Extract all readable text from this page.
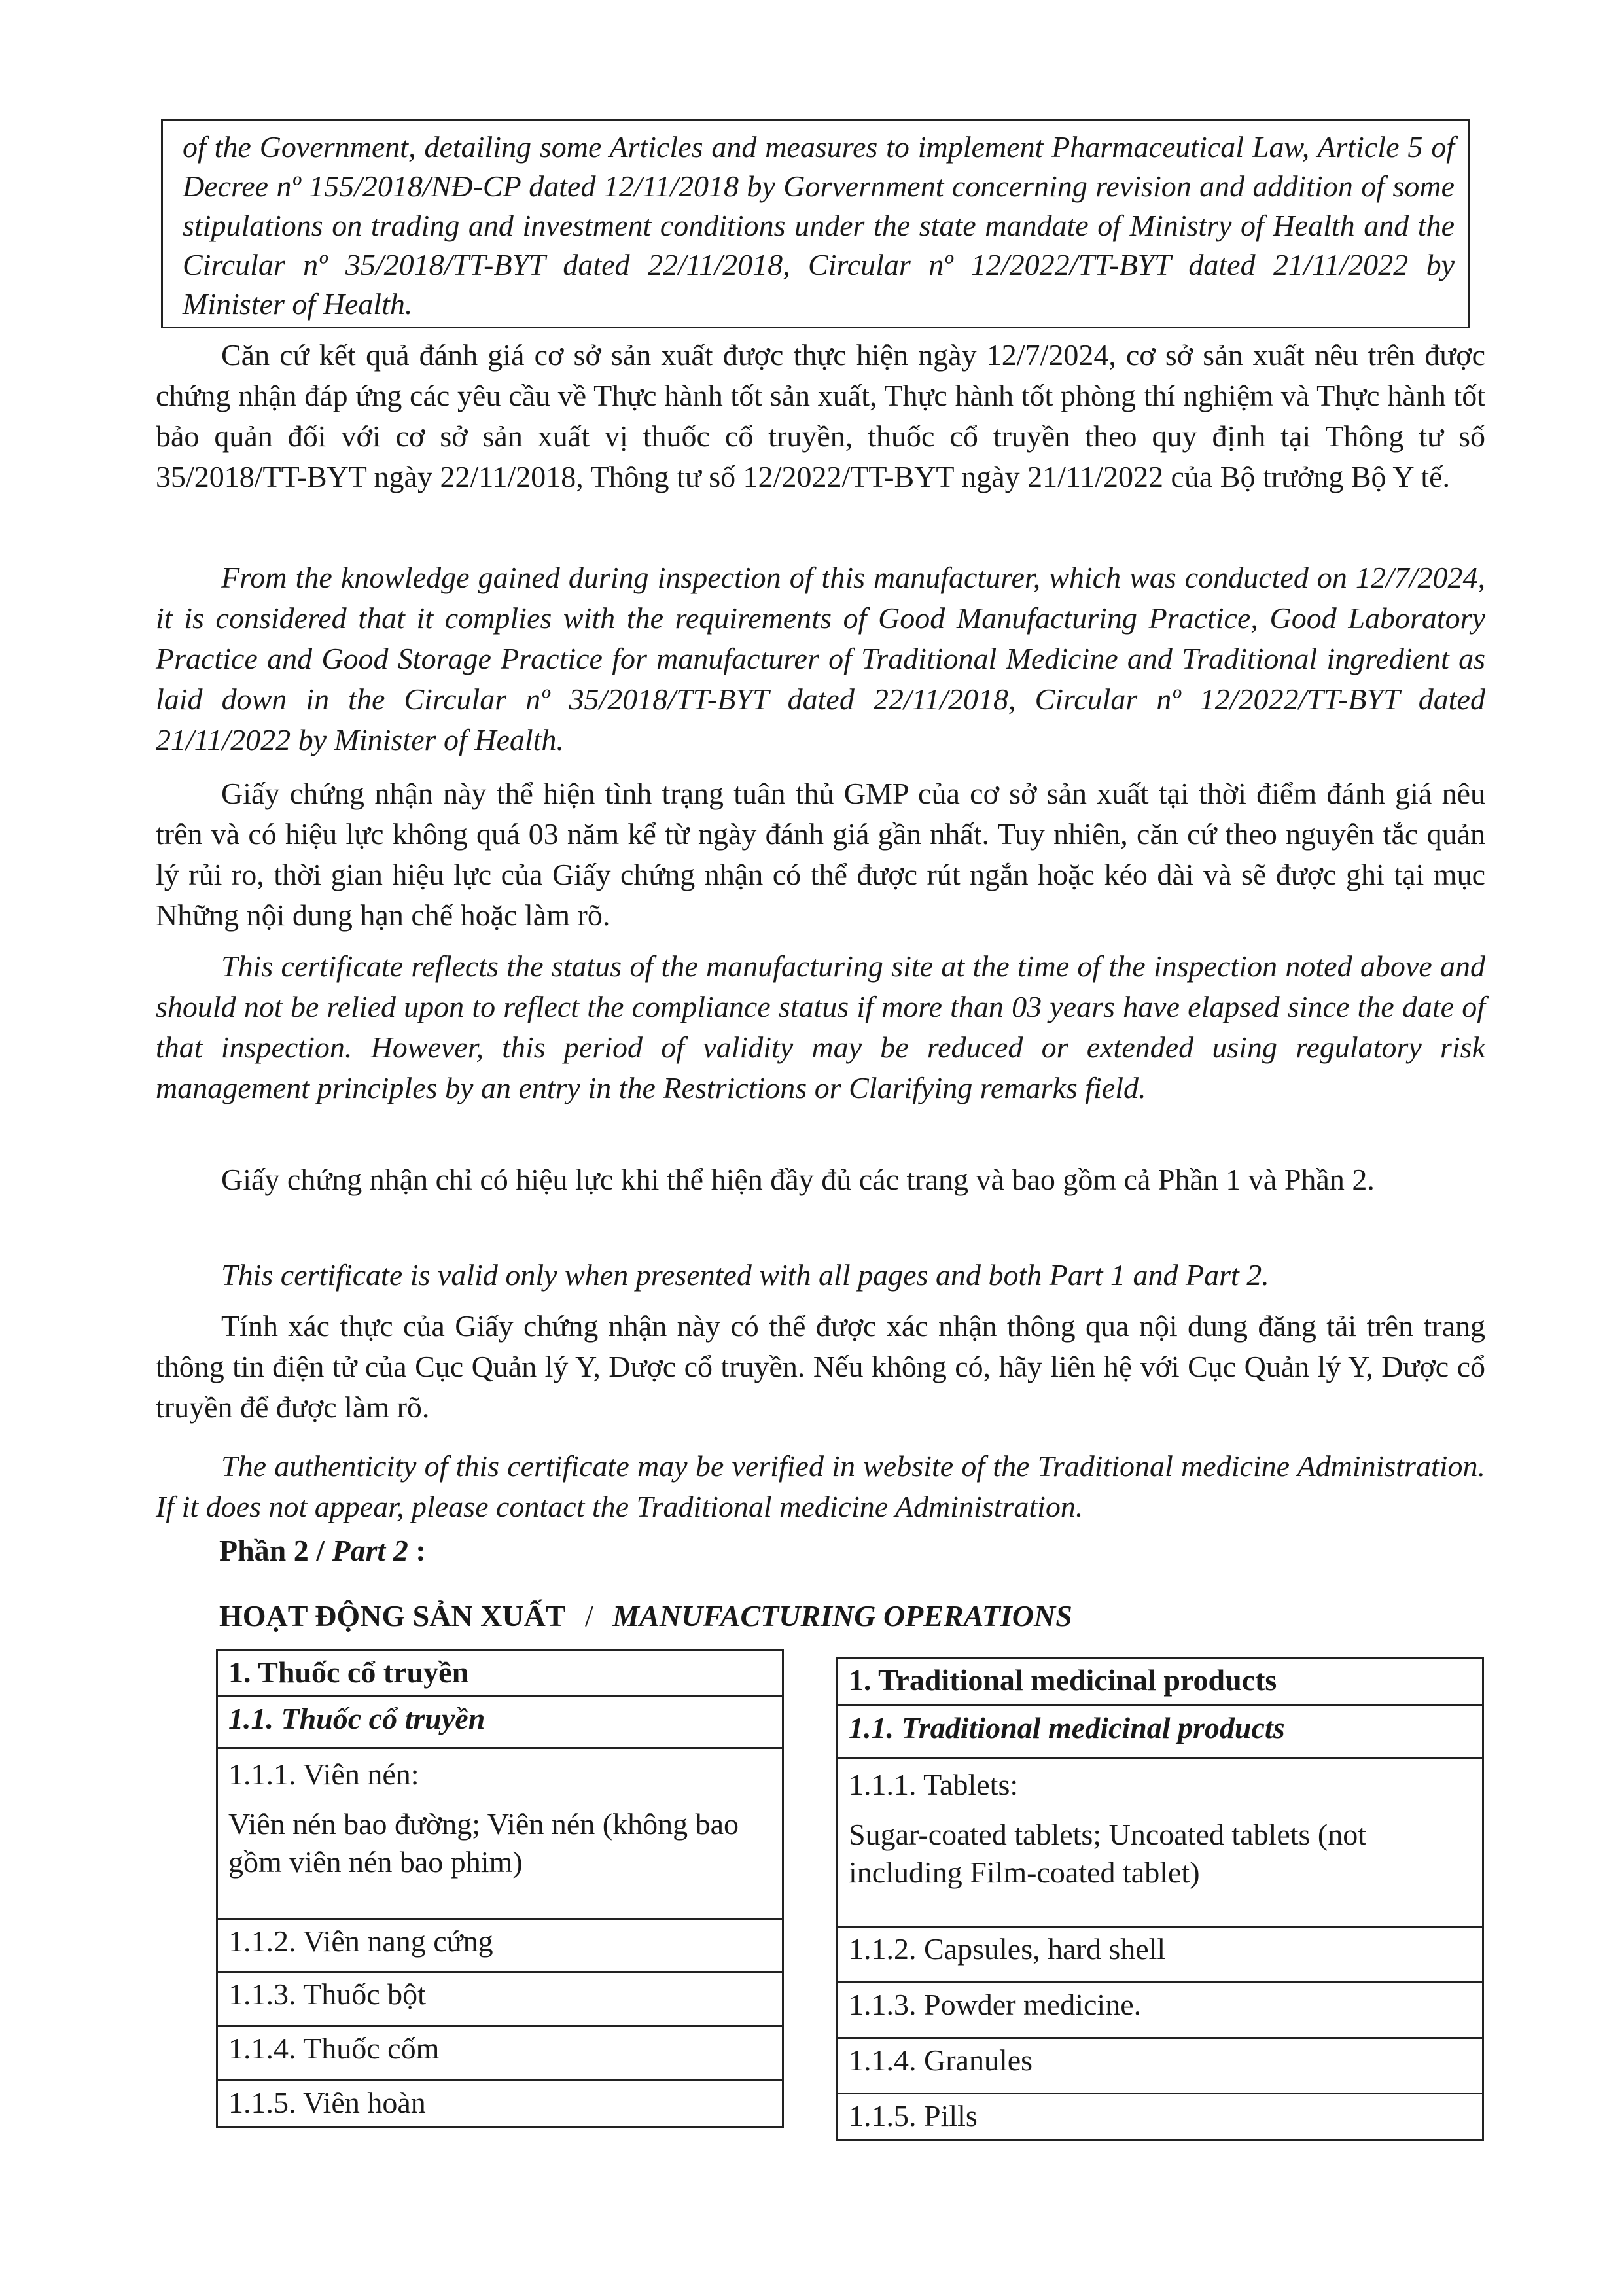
of the Government, detailing some Articles and measures to implement Pharmaceutical Law, Article 5 of Decree nº 155/2018/NĐ-CP dated 12/11/2018 by Gorvernment concerning revision and addition of some stipulations on trading and investment conditions under the state mandate of Ministry of Health and the Circular nº 35/2018/TT-BYT dated 22/11/2018, Circular nº 12/2022/TT-BYT dated 21/11/2022 by Minister of Health.

Căn cứ kết quả đánh giá cơ sở sản xuất được thực hiện ngày 12/7/2024, cơ sở sản xuất nêu trên được chứng nhận đáp ứng các yêu cầu về Thực hành tốt sản xuất, Thực hành tốt phòng thí nghiệm và Thực hành tốt bảo quản đối với cơ sở sản xuất vị thuốc cổ truyền, thuốc cổ truyền theo quy định tại Thông tư số 35/2018/TT-BYT ngày 22/11/2018, Thông tư số 12/2022/TT-BYT ngày 21/11/2022 của Bộ trưởng Bộ Y tế.

From the knowledge gained during inspection of this manufacturer, which was conducted on 12/7/2024, it is considered that it complies with the requirements of Good Manufacturing Practice, Good Laboratory Practice and Good Storage Practice for manufacturer of Traditional Medicine and Traditional ingredient as laid down in the Circular nº 35/2018/TT-BYT dated 22/11/2018, Circular nº 12/2022/TT-BYT dated 21/11/2022 by Minister of Health.

Giấy chứng nhận này thể hiện tình trạng tuân thủ GMP của cơ sở sản xuất tại thời điểm đánh giá nêu trên và có hiệu lực không quá 03 năm kể từ ngày đánh giá gần nhất. Tuy nhiên, căn cứ theo nguyên tắc quản lý rủi ro, thời gian hiệu lực của Giấy chứng nhận có thể được rút ngắn hoặc kéo dài và sẽ được ghi tại mục Những nội dung hạn chế hoặc làm rõ.

This certificate reflects the status of the manufacturing site at the time of the inspection noted above and should not be relied upon to reflect the compliance status if more than 03 years have elapsed since the date of that inspection. However, this period of validity may be reduced or extended using regulatory risk management principles by an entry in the Restrictions or Clarifying remarks field.

Giấy chứng nhận chỉ có hiệu lực khi thể hiện đầy đủ các trang và bao gồm cả Phần 1 và Phần 2.

This certificate is valid only when presented with all pages and both Part 1 and Part 2.

Tính xác thực của Giấy chứng nhận này có thể được xác nhận thông qua nội dung đăng tải trên trang thông tin điện tử của Cục Quản lý Y, Dược cổ truyền. Nếu không có, hãy liên hệ với Cục Quản lý Y, Dược cổ truyền để được làm rõ.

The authenticity of this certificate may be verified in website of the Traditional medicine Administration. If it does not appear, please contact the Traditional medicine Administration.

Phần 2 / Part 2 :

HOẠT ĐỘNG SẢN XUẤT / MANUFACTURING OPERATIONS

1. Thuốc cổ truyền
1.1. Thuốc cổ truyền
1.1.1. Viên nén:
Viên nén bao đường; Viên nén (không bao gồm viên nén bao phim)
1.1.2. Viên nang cứng
1.1.3. Thuốc bột
1.1.4. Thuốc cốm
1.1.5. Viên hoàn
1. Traditional medicinal products
1.1. Traditional medicinal products
1.1.1. Tablets:
Sugar-coated tablets; Uncoated tablets (not including Film-coated tablet)
1.1.2. Capsules, hard shell
1.1.3. Powder medicine.
1.1.4. Granules
1.1.5. Pills
